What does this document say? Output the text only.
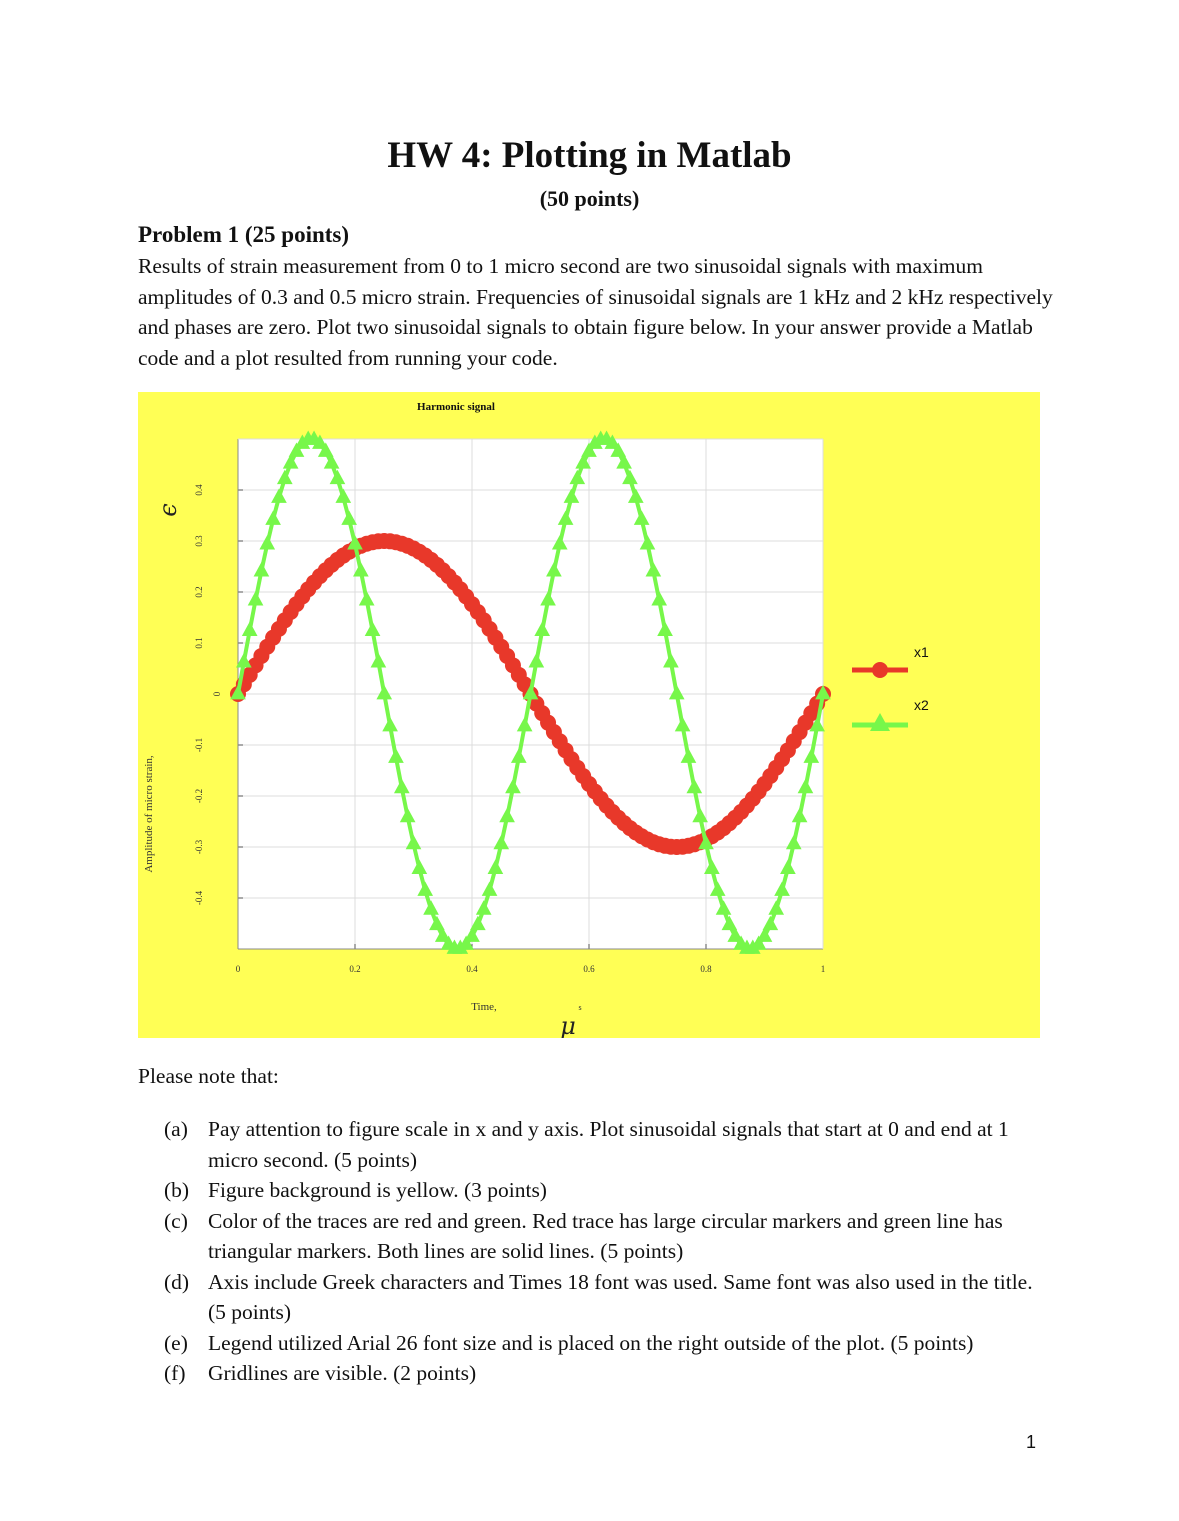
HW 4: Plotting in Matlab
(50 points)
Problem 1 (25 points)
Results of strain measurement from 0 to 1 micro second are two sinusoidal signals with maximum amplitudes of 0.3 and 0.5 micro strain. Frequencies of sinusoidal signals are 1 kHz and 2 kHz respectively and phases are zero. Plot two sinusoidal signals to obtain figure below. In your answer provide a Matlab code and a plot resulted from running your code.
0	0.2	0.4	0.6	0.8	1
0.4
0.3
0.2
0.1
0
-0.1
-0.2
-0.3
-0.4
Harmonic signal
Time,	s
μ
Amplitude of micro strain,
ϵ
x1
x2
Please note that:
(a) Pay attention to figure scale in x and y axis. Plot sinusoidal signals that start at 0 and end at 1 micro second. (5 points)
(b) Figure background is yellow. (3 points)
(c) Color of the traces are red and green. Red trace has large circular markers and green line has triangular markers. Both lines are solid lines. (5 points)
(d) Axis include Greek characters and Times 18 font was used. Same font was also used in the title. (5 points)
(e) Legend utilized Arial 26 font size and is placed on the right outside of the plot. (5 points)
(f)	Gridlines are visible. (2 points)
1
